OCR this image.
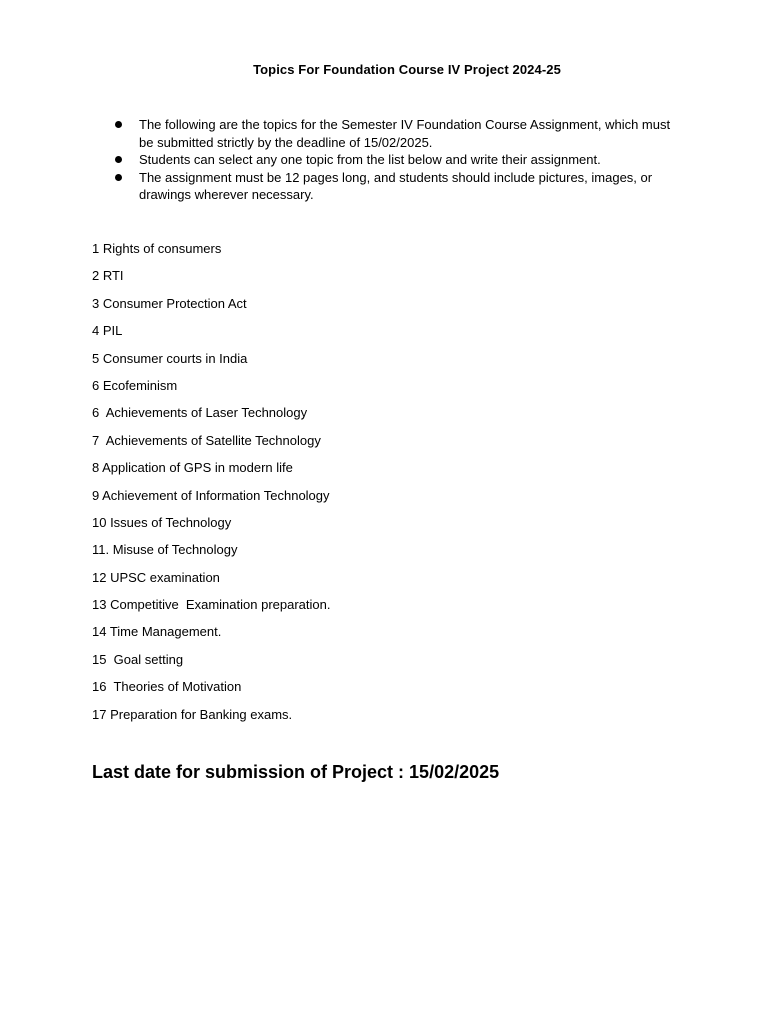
Topics For Foundation Course IV Project 2024-25
The following are the topics for the Semester IV Foundation Course Assignment, which must be submitted strictly by the deadline of 15/02/2025.
Students can select any one topic from the list below and write their assignment.
The assignment must be 12 pages long, and students should include pictures, images, or drawings wherever necessary.
1 Rights of consumers
2 RTI
3 Consumer Protection Act
4 PIL
5 Consumer courts in India
6 Ecofeminism
6  Achievements of Laser Technology
7  Achievements of Satellite Technology
8 Application of GPS in modern life
9 Achievement of Information Technology
10 Issues of Technology
11. Misuse of Technology
12 UPSC examination
13 Competitive  Examination preparation.
14 Time Management.
15  Goal setting
16  Theories of Motivation
17 Preparation for Banking exams.
Last date for submission of Project : 15/02/2025
